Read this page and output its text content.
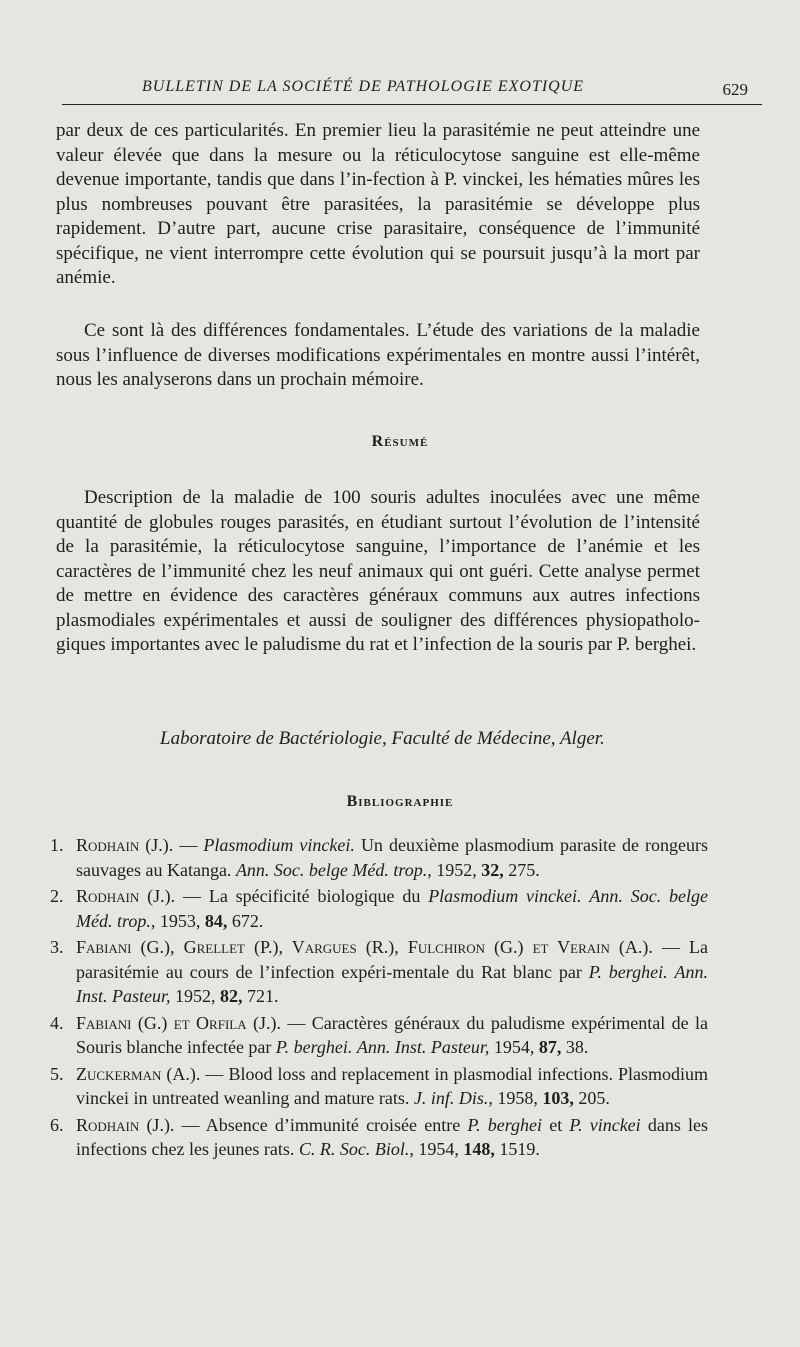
BULLETIN DE LA SOCIÉTÉ DE PATHOLOGIE EXOTIQUE	629

par deux de ces particularités. En premier lieu la parasitémie ne peut atteindre une valeur élevée que dans la mesure ou la réticulocytose sanguine est elle-même devenue importante, tandis que dans l’in-fection à P. vinckei, les hématies mûres les plus nombreuses pouvant être parasitées, la parasitémie se développe plus rapidement. D’autre part, aucune crise parasitaire, conséquence de l’immunité spécifique, ne vient interrompre cette évolution qui se poursuit jusqu’à la mort par anémie.

Ce sont là des différences fondamentales. L’étude des variations de la maladie sous l’influence de diverses modifications expérimentales en montre aussi l’intérêt, nous les analyserons dans un prochain mémoire.

Résumé

Description de la maladie de 100 souris adultes inoculées avec une même quantité de globules rouges parasités, en étudiant surtout l’évolution de l’intensité de la parasitémie, la réticulocytose sanguine, l’importance de l’anémie et les caractères de l’immunité chez les neuf animaux qui ont guéri. Cette analyse permet de mettre en évidence des caractères généraux communs aux autres infections plasmodiales expérimentales et aussi de souligner des différences physiopatholo-giques importantes avec le paludisme du rat et l’infection de la souris par P. berghei.

Laboratoire de Bactériologie, Faculté de Médecine, Alger.

Bibliographie
1. Rodhain (J.). — Plasmodium vinckei. Un deuxième plasmodium parasite de rongeurs sauvages au Katanga. Ann. Soc. belge Méd. trop., 1952, 32, 275.
2. Rodhain (J.). — La spécificité biologique du Plasmodium vinckei. Ann. Soc. belge Méd. trop., 1953, 84, 672.
3. Fabiani (G.), Grellet (P.), Vargues (R.), Fulchiron (G.) et Verain (A.). — La parasitémie au cours de l’infection expéri-mentale du Rat blanc par P. berghei. Ann. Inst. Pasteur, 1952, 82, 721.
4. Fabiani (G.) et Orfila (J.). — Caractères généraux du paludisme expérimental de la Souris blanche infectée par P. berghei. Ann. Inst. Pasteur, 1954, 87, 38.
5. Zuckerman (A.). — Blood loss and replacement in plasmodial infections. Plasmodium vinckei in untreated weanling and mature rats. J. inf. Dis., 1958, 103, 205.
6. Rodhain (J.). — Absence d’immunité croisée entre P. berghei et P. vinckei dans les infections chez les jeunes rats. C. R. Soc. Biol., 1954, 148, 1519.
